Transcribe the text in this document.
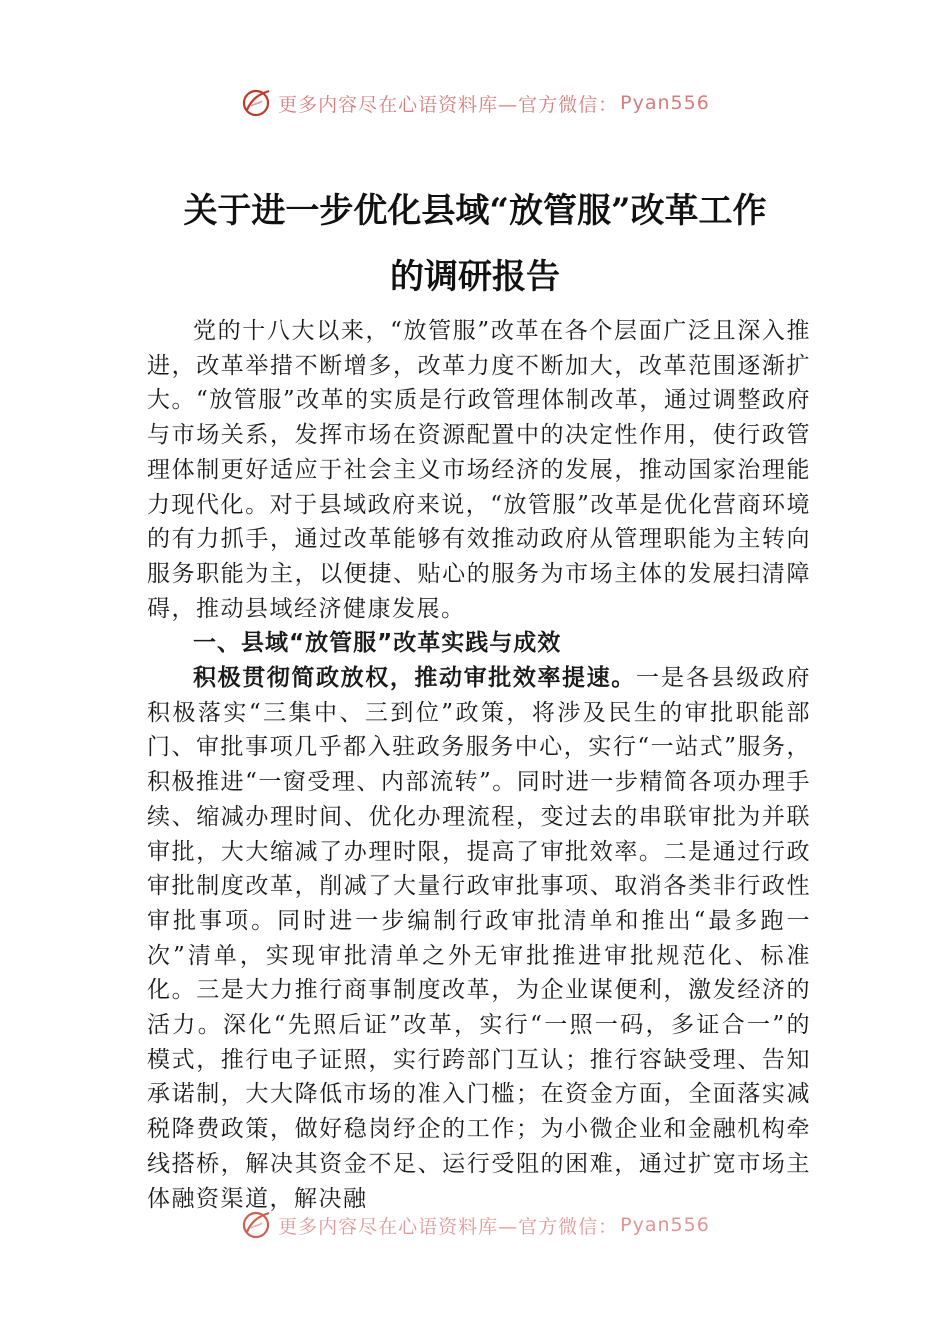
更多内容尽在心语资料库—官方微信： Pyan556
关于进一步优化县域“放管服”改革工作
的调研报告

党的十八大以来，“放管服”改革在各个层面广泛且深入推进，改革举措不断增多，改革力度不断加大，改革范围逐渐扩大。“放管服”改革的实质是行政管理体制改革，通过调整政府与市场关系，发挥市场在资源配置中的决定性作用，使行政管理体制更好适应于社会主义市场经济的发展，推动国家治理能力现代化。对于县域政府来说，“放管服”改革是优化营商环境的有力抓手，通过改革能够有效推动政府从管理职能为主转向服务职能为主，以便捷、贴心的服务为市场主体的发展扫清障碍，推动县域经济健康发展。

一、县域“放管服”改革实践与成效

积极贯彻简政放权，推动审批效率提速。一是各县级政府积极落实“三集中、三到位”政策，将涉及民生的审批职能部门、审批事项几乎都入驻政务服务中心，实行“一站式”服务，积极推进“一窗受理、内部流转”。同时进一步精简各项办理手续、缩减办理时间、优化办理流程，变过去的串联审批为并联审批，大大缩减了办理时限，提高了审批效率。二是通过行政审批制度改革，削减了大量行政审批事项、取消各类非行政性审批事项。同时进一步编制行政审批清单和推出“最多跑一次”清单，实现审批清单之外无审批推进审批规范化、标准化。三是大力推行商事制度改革，为企业谋便利，激发经济的活力。深化“先照后证”改革，实行“一照一码，多证合一”的模式，推行电子证照，实行跨部门互认；推行容缺受理、告知承诺制，大大降低市场的准入门槛；在资金方面，全面落实减税降费政策，做好稳岗纾企的工作；为小微企业和金融机构牵线搭桥，解决其资金不足、运行受阻的困难，通过扩宽市场主体融资渠道，解决融

更多内容尽在心语资料库—官方微信： Pyan556
